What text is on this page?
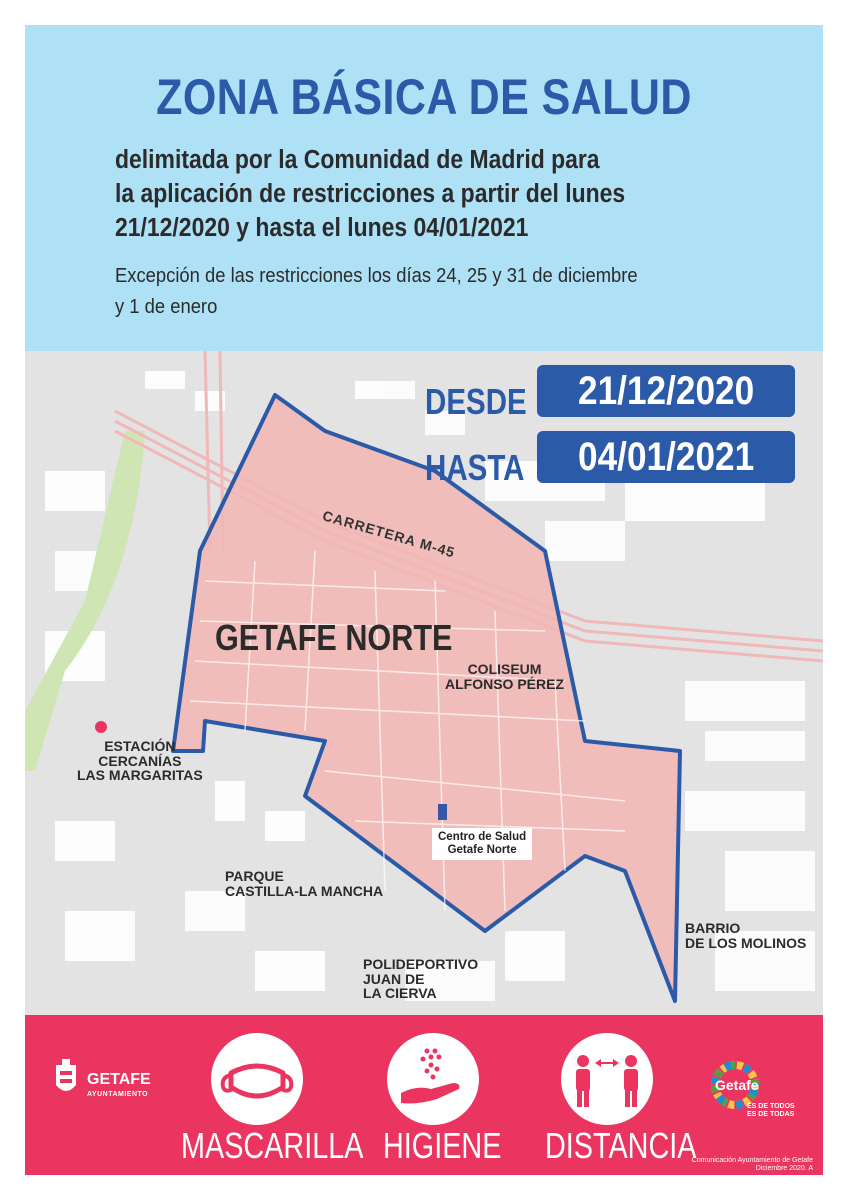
ZONA BÁSICA DE SALUD
delimitada por la Comunidad de Madrid para
la aplicación de restricciones a partir del lunes
21/12/2020 y hasta el lunes 04/01/2021
Excepción de las restricciones los días 24, 25 y 31 de diciembre
y 1 de enero
DESDE	21/12/2020
HASTA	04/01/2021
CARRETERA M-45
GETAFE NORTE
COLISEUM
ALFONSO PÉREZ
ESTACIÓN
CERCANÍAS
LAS MARGARITAS
PARQUE
CASTILLA-LA MANCHA
POLIDEPORTIVO
JUAN DE
LA CIERVA
BARRIO
DE LOS MOLINOS
Centro de Salud
Getafe Norte
GETAFE
AYUNTAMIENTO
MASCARILLA HIGIENE DISTANCIA
Getafe
ES DE TODOS
ES DE TODAS
Comunicación Ayuntamiento de Getafe
Diciembre 2020. A
